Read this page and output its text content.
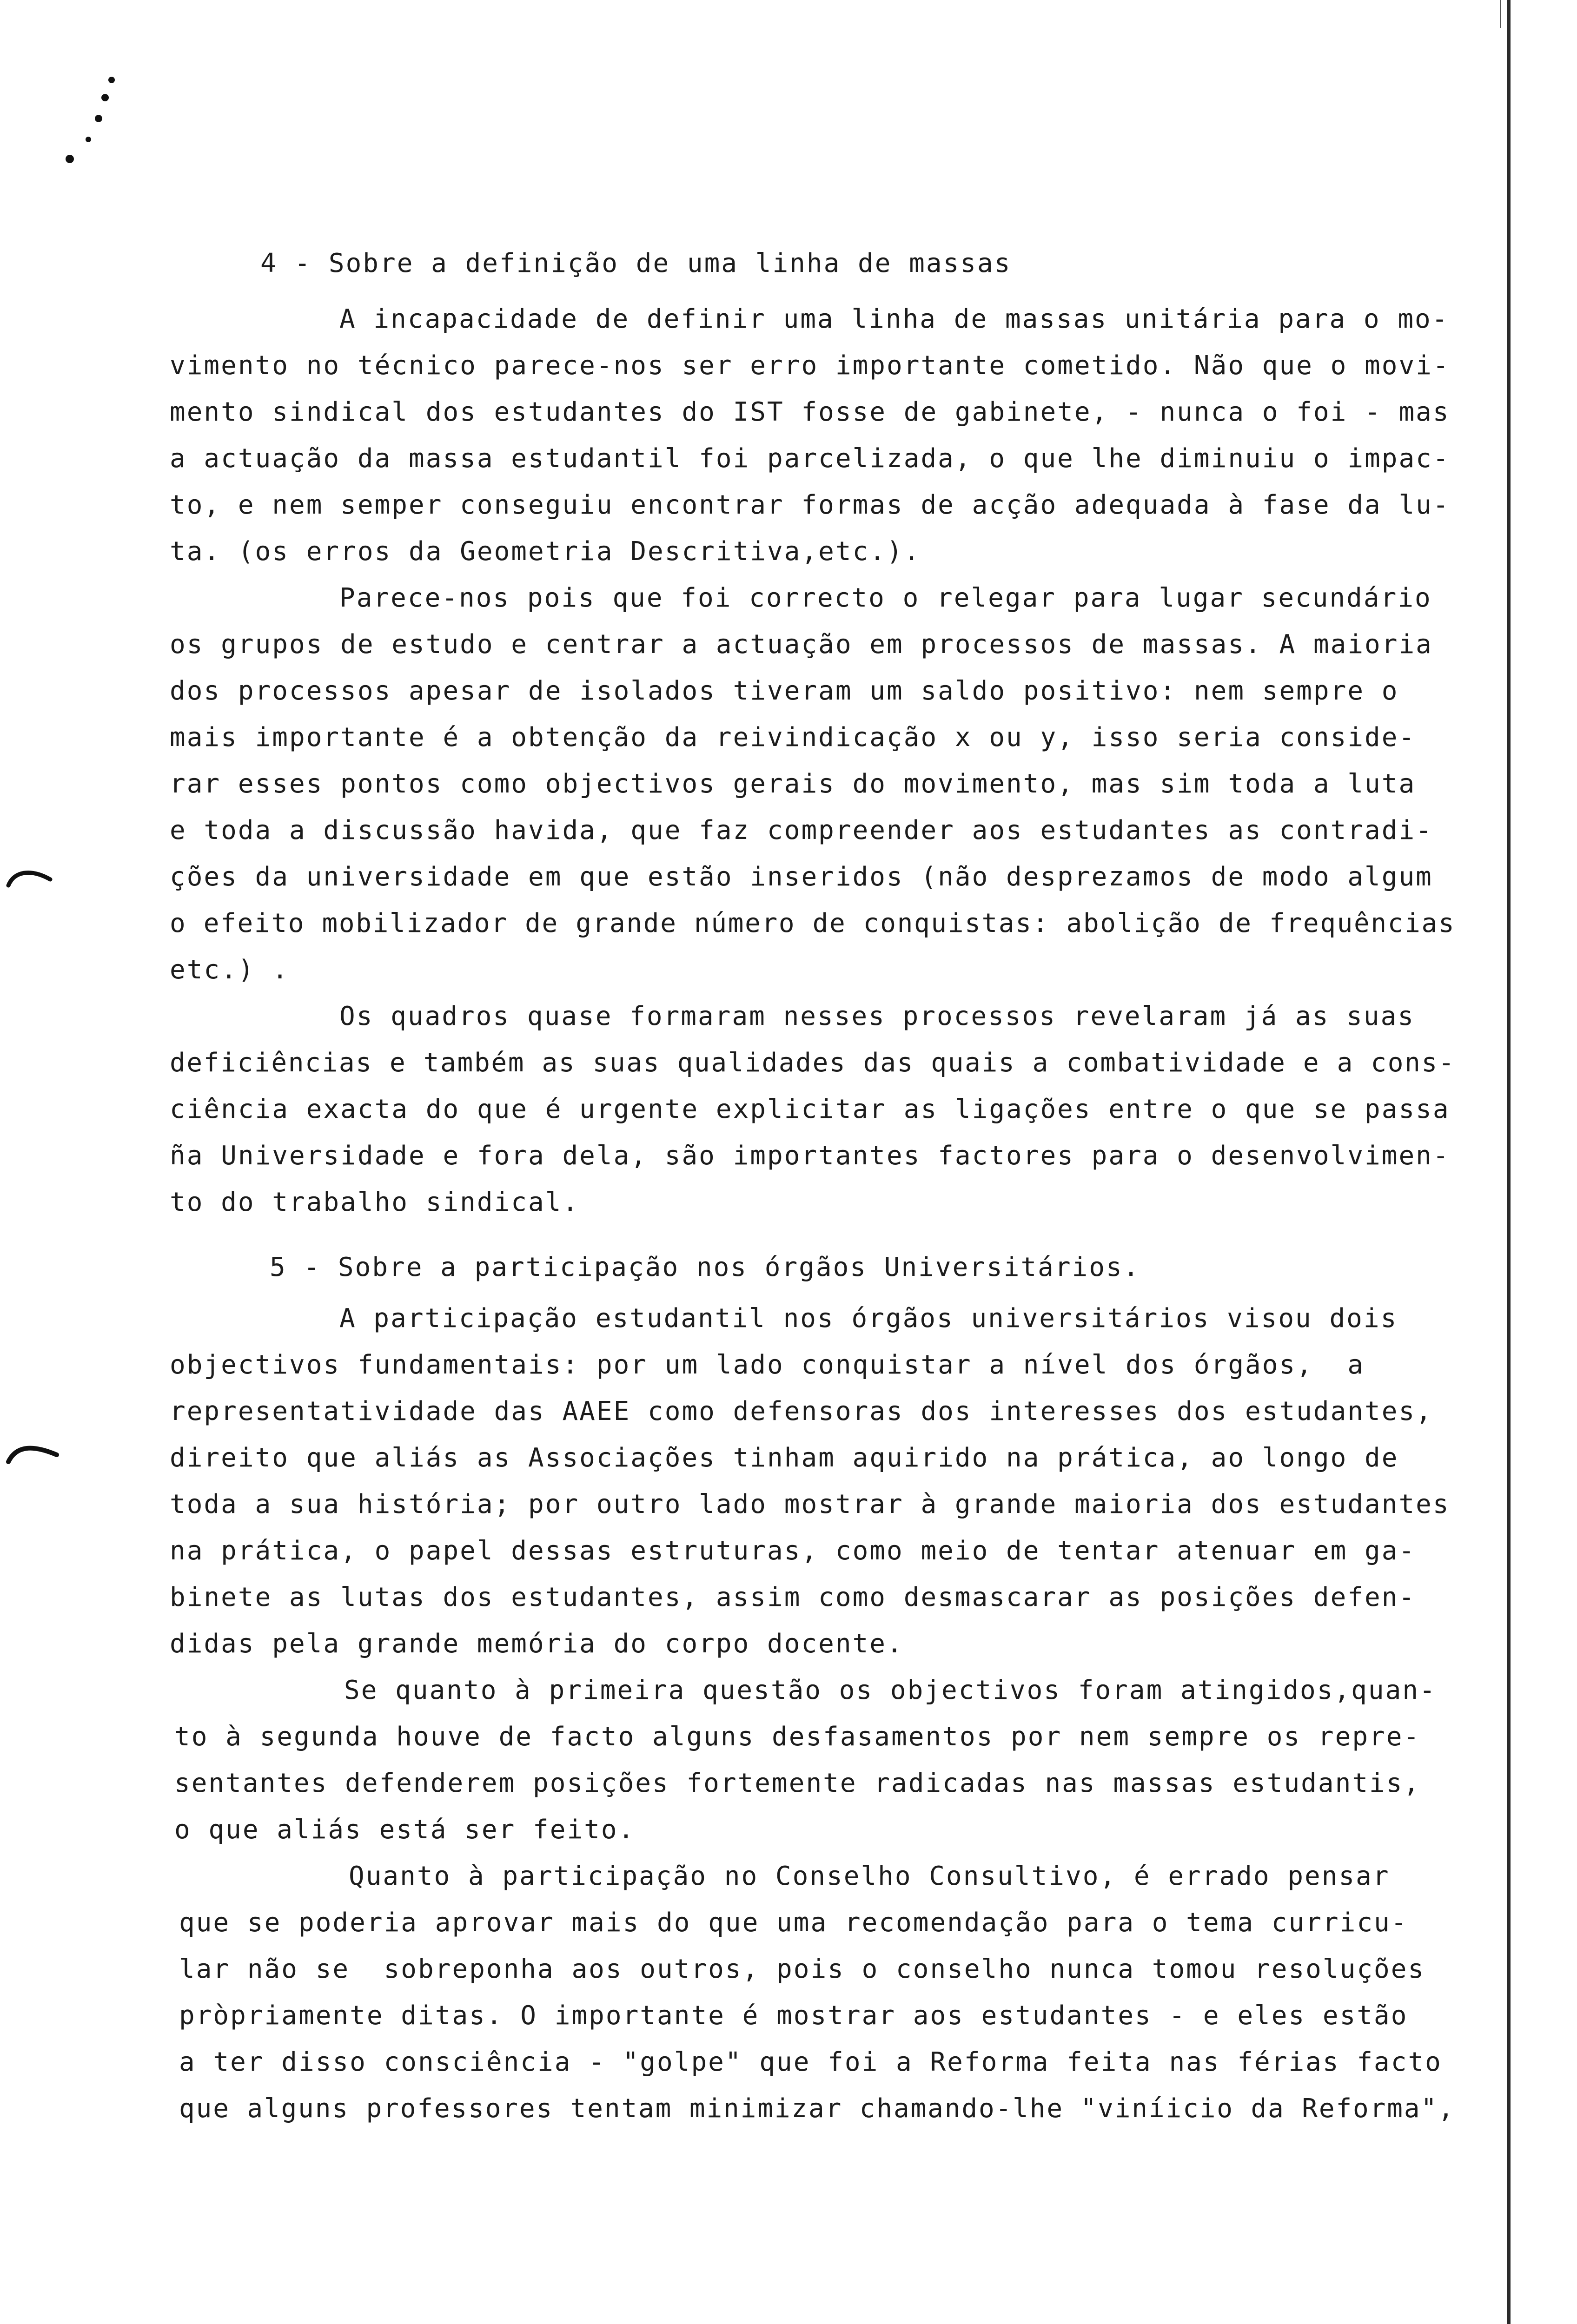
4 - Sobre a definição de uma linha de massas
A incapacidade de definir uma linha de massas unitária para o mo-
vimento no técnico parece-nos ser erro importante cometido. Não que o movi-
mento sindical dos estudantes do IST fosse de gabinete, - nunca o foi - mas
a actuação da massa estudantil foi parcelizada, o que lhe diminuiu o impac-
to, e nem semper conseguiu encontrar formas de acção adequada à fase da lu-
ta. (os erros da Geometria Descritiva,etc.).
Parece-nos pois que foi correcto o relegar para lugar secundário
os grupos de estudo e centrar a actuação em processos de massas. A maioria
dos processos apesar de isolados tiveram um saldo positivo: nem sempre o
mais importante é a obtenção da reivindicação x ou y, isso seria conside-
rar esses pontos como objectivos gerais do movimento, mas sim toda a luta
e toda a discussão havida, que faz compreender aos estudantes as contradi-
ções da universidade em que estão inseridos (não desprezamos de modo algum
o efeito mobilizador de grande número de conquistas: abolição de frequências
etc.) .
Os quadros quase formaram nesses processos revelaram já as suas
deficiências e também as suas qualidades das quais a combatividade e a cons-
ciência exacta do que é urgente explicitar as ligações entre o que se passa
ña Universidade e fora dela, são importantes factores para o desenvolvimen-
to do trabalho sindical.
5 - Sobre a participação nos órgãos Universitários.
A participação estudantil nos órgãos universitários visou dois
objectivos fundamentais: por um lado conquistar a nível dos órgãos,  a
representatividade das AAEE como defensoras dos interesses dos estudantes,
direito que aliás as Associações tinham aquirido na prática, ao longo de
toda a sua história; por outro lado mostrar à grande maioria dos estudantes
na prática, o papel dessas estruturas, como meio de tentar atenuar em ga-
binete as lutas dos estudantes, assim como desmascarar as posições defen-
didas pela grande memória do corpo docente.
Se quanto à primeira questão os objectivos foram atingidos,quan-
to à segunda houve de facto alguns desfasamentos por nem sempre os repre-
sentantes defenderem posições fortemente radicadas nas massas estudantis,
o que aliás está ser feito.
Quanto à participação no Conselho Consultivo, é errado pensar
que se poderia aprovar mais do que uma recomendação para o tema curricu-
lar não se  sobreponha aos outros, pois o conselho nunca tomou resoluções
pròpriamente ditas. O importante é mostrar aos estudantes - e eles estão
a ter disso consciência - "golpe" que foi a Reforma feita nas férias facto
que alguns professores tentam minimizar chamando-lhe "viníicio da Reforma",
